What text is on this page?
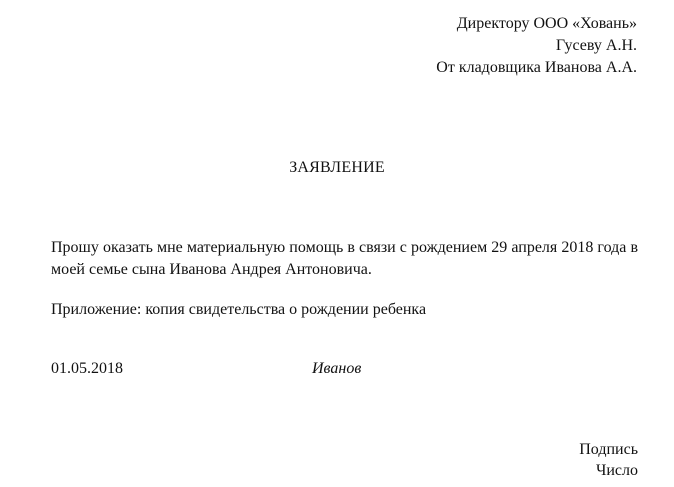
Директору ООО «Ховань»
Гусеву А.Н.
От кладовщика Иванова А.А.
ЗАЯВЛЕНИЕ
Прошу оказать мне материальную помощь в связи с рождением 29 апреля 2018 года в моей семье сына Иванова Андрея Антоновича.
Приложение: копия свидетельства о рождении ребенка
01.05.2018	Иванов
Подпись
Число
